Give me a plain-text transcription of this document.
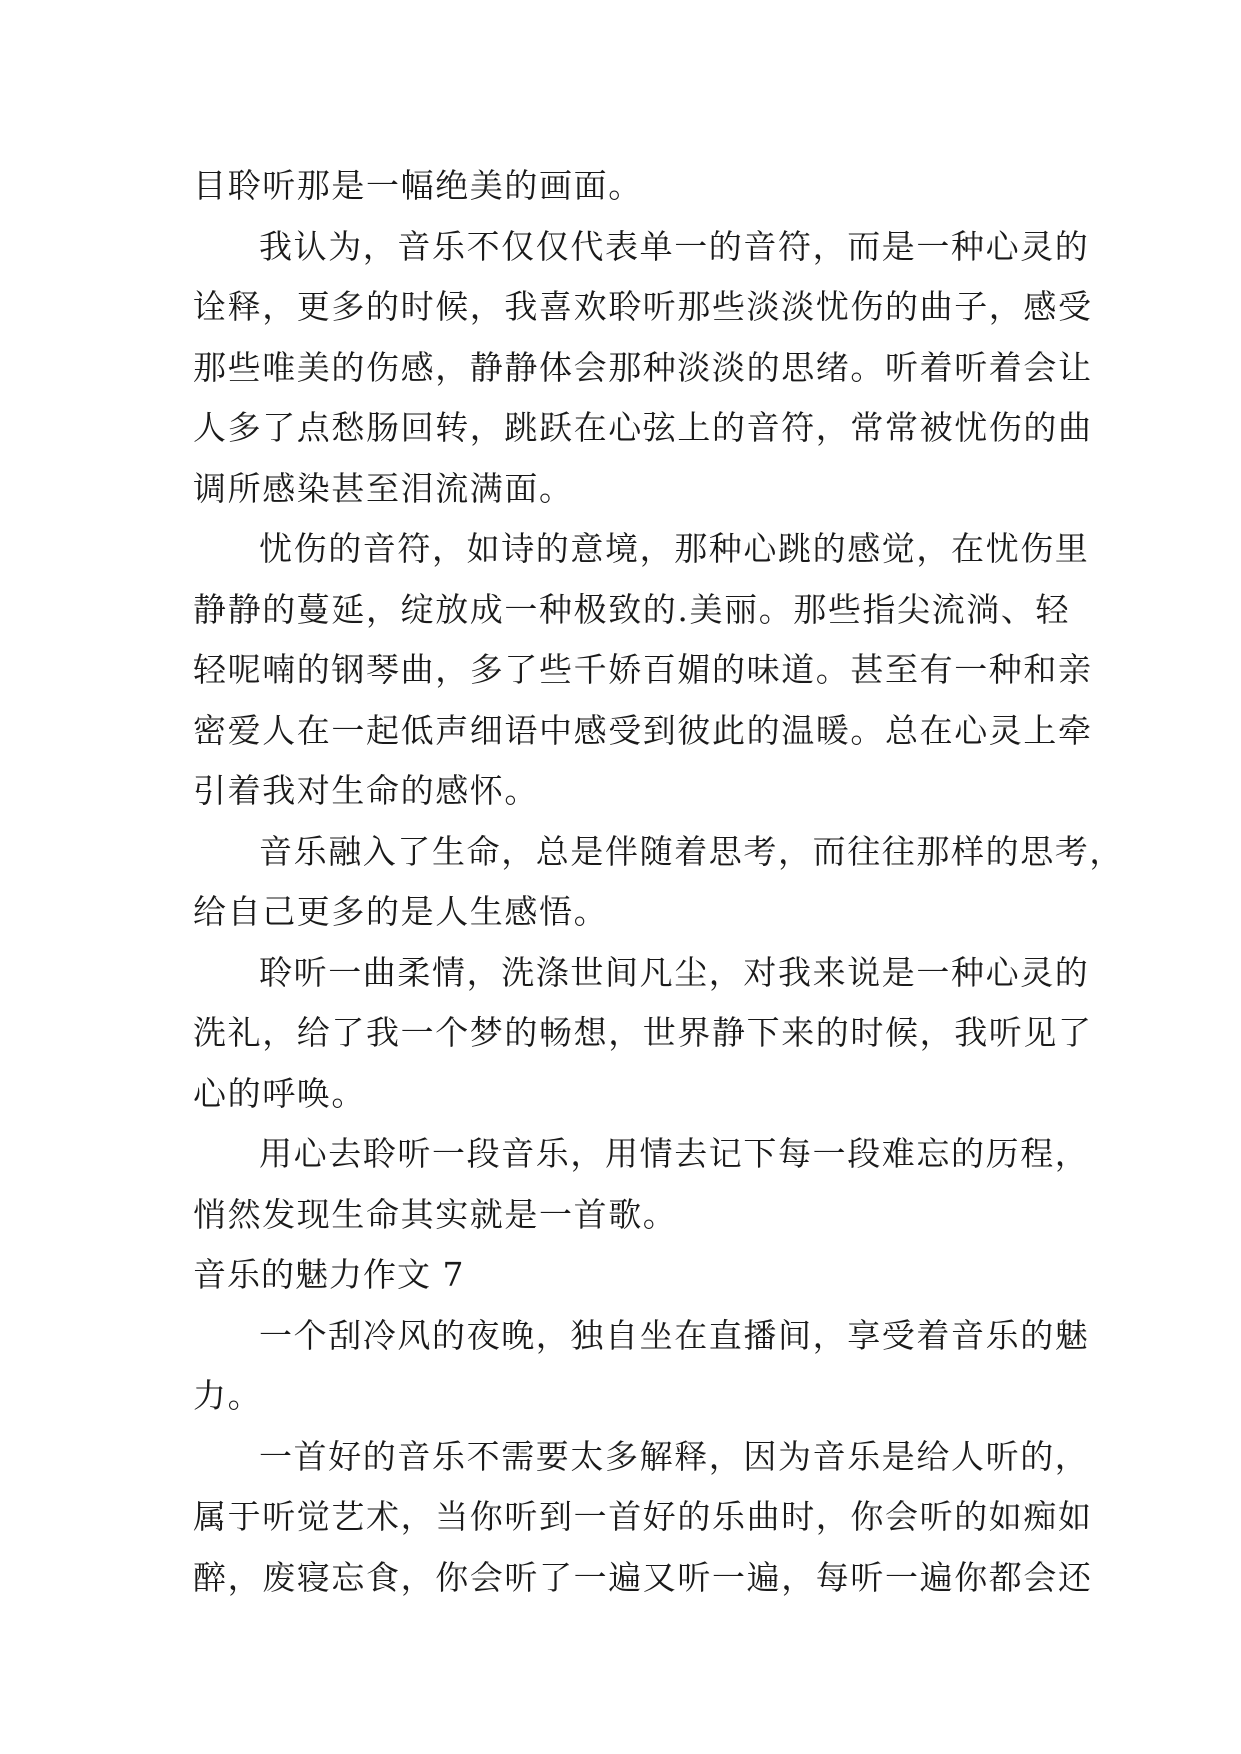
目聆听那是一幅绝美的画面。
我认为，音乐不仅仅代表单一的音符，而是一种心灵的
诠释，更多的时候，我喜欢聆听那些淡淡忧伤的曲子，感受
那些唯美的伤感，静静体会那种淡淡的思绪。听着听着会让
人多了点愁肠回转，跳跃在心弦上的音符，常常被忧伤的曲
调所感染甚至泪流满面。
忧伤的音符，如诗的意境，那种心跳的感觉，在忧伤里
静静的蔓延，绽放成一种极致的.美丽。那些指尖流淌、轻
轻呢喃的钢琴曲，多了些千娇百媚的味道。甚至有一种和亲
密爱人在一起低声细语中感受到彼此的温暖。总在心灵上牵
引着我对生命的感怀。
音乐融入了生命，总是伴随着思考，而往往那样的思考，
给自己更多的是人生感悟。
聆听一曲柔情，洗涤世间凡尘，对我来说是一种心灵的
洗礼，给了我一个梦的畅想，世界静下来的时候，我听见了
心的呼唤。
用心去聆听一段音乐，用情去记下每一段难忘的历程，
悄然发现生命其实就是一首歌。
音乐的魅力作文 7
一个刮冷风的夜晚，独自坐在直播间，享受着音乐的魅
力。
一首好的音乐不需要太多解释，因为音乐是给人听的，
属于听觉艺术，当你听到一首好的乐曲时，你会听的如痴如
醉，废寝忘食，你会听了一遍又听一遍，每听一遍你都会还
